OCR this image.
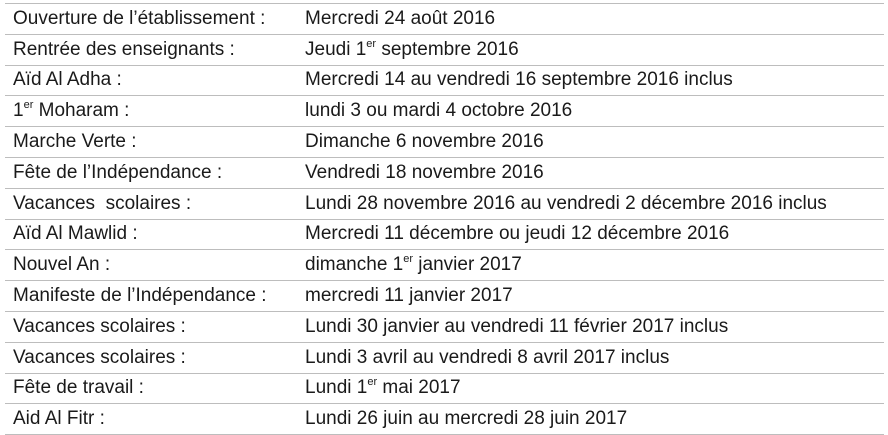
Ouverture de l’établissement :	Mercredi 24 août 2016
Rentrée des enseignants :	Jeudi 1er septembre 2016
Aïd Al Adha :	Mercredi 14 au vendredi 16 septembre 2016 inclus
1er Moharam :	lundi 3 ou mardi 4 octobre 2016
Marche Verte :	Dimanche 6 novembre 2016
Fête de l’Indépendance :	Vendredi 18 novembre 2016
Vacances  scolaires :	Lundi 28 novembre 2016 au vendredi 2 décembre 2016 inclus
Aïd Al Mawlid :	Mercredi 11 décembre ou jeudi 12 décembre 2016
Nouvel An :	dimanche 1er janvier 2017
Manifeste de l’Indépendance :	mercredi 11 janvier 2017
Vacances scolaires :	Lundi 30 janvier au vendredi 11 février 2017 inclus
Vacances scolaires :	Lundi 3 avril au vendredi 8 avril 2017 inclus
Fête de travail :	Lundi 1er mai 2017
Aid Al Fitr :	Lundi 26 juin au mercredi 28 juin 2017
